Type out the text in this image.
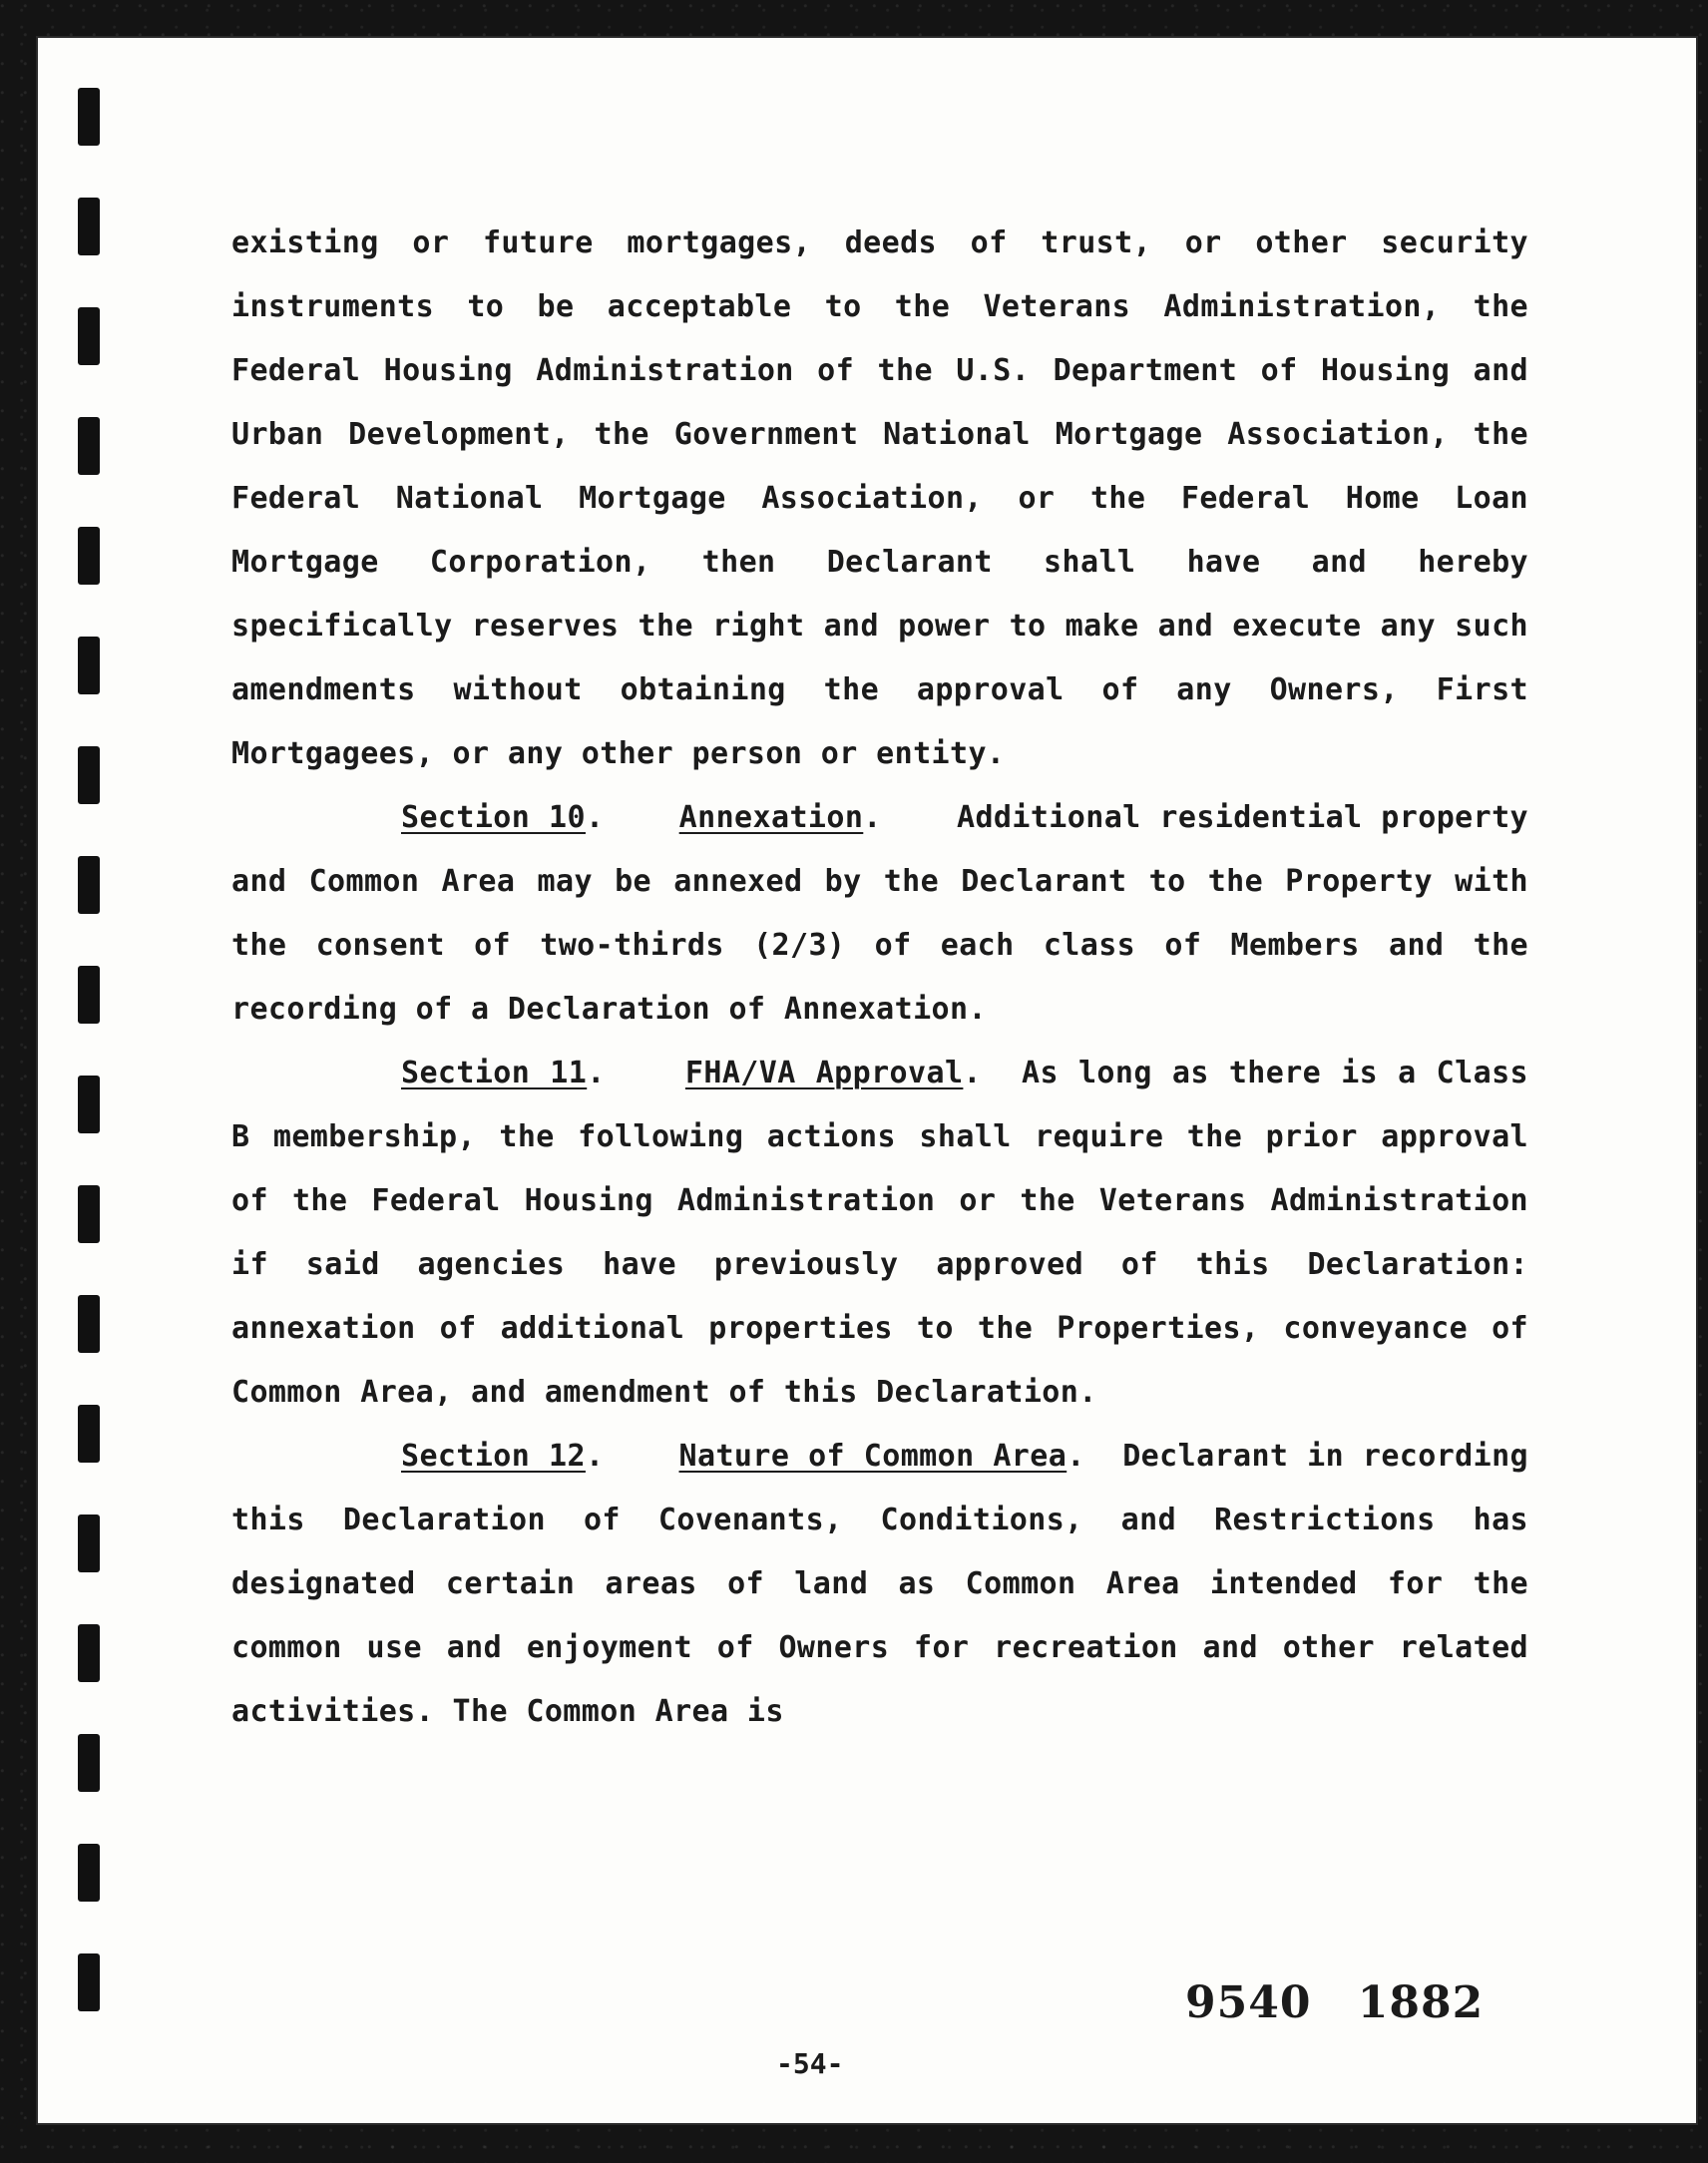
existing or future mortgages, deeds of trust, or other security instruments to be acceptable to the Veterans Administration, the Federal Housing Administration of the U.S. Department of Housing and Urban Development, the Government National Mortgage Association, the Federal National Mortgage Association, or the Federal Home Loan Mortgage Corporation, then Declarant shall have and hereby specifically reserves the right and power to make and execute any such amendments without obtaining the approval of any Owners, First Mortgagees, or any other person or entity.

Section 10.    Annexation.    Additional residential property and Common Area may be annexed by the Declarant to the Property with the consent of two-thirds (2/3) of each class of Members and the recording of a Declaration of Annexation.

Section 11.    FHA/VA Approval.  As long as there is a Class B membership, the following actions shall require the prior approval of the Federal Housing Administration or the Veterans Administration if said agencies have previously approved of this Declaration: annexation of additional properties to the Properties, conveyance of Common Area, and amendment of this Declaration.

Section 12.    Nature of Common Area.  Declarant in recording this Declaration of Covenants, Conditions, and Restrictions has designated certain areas of land as Common Area intended for the common use and enjoyment of Owners for recreation and other related activities. The Common Area is

9540 1882
-54-
